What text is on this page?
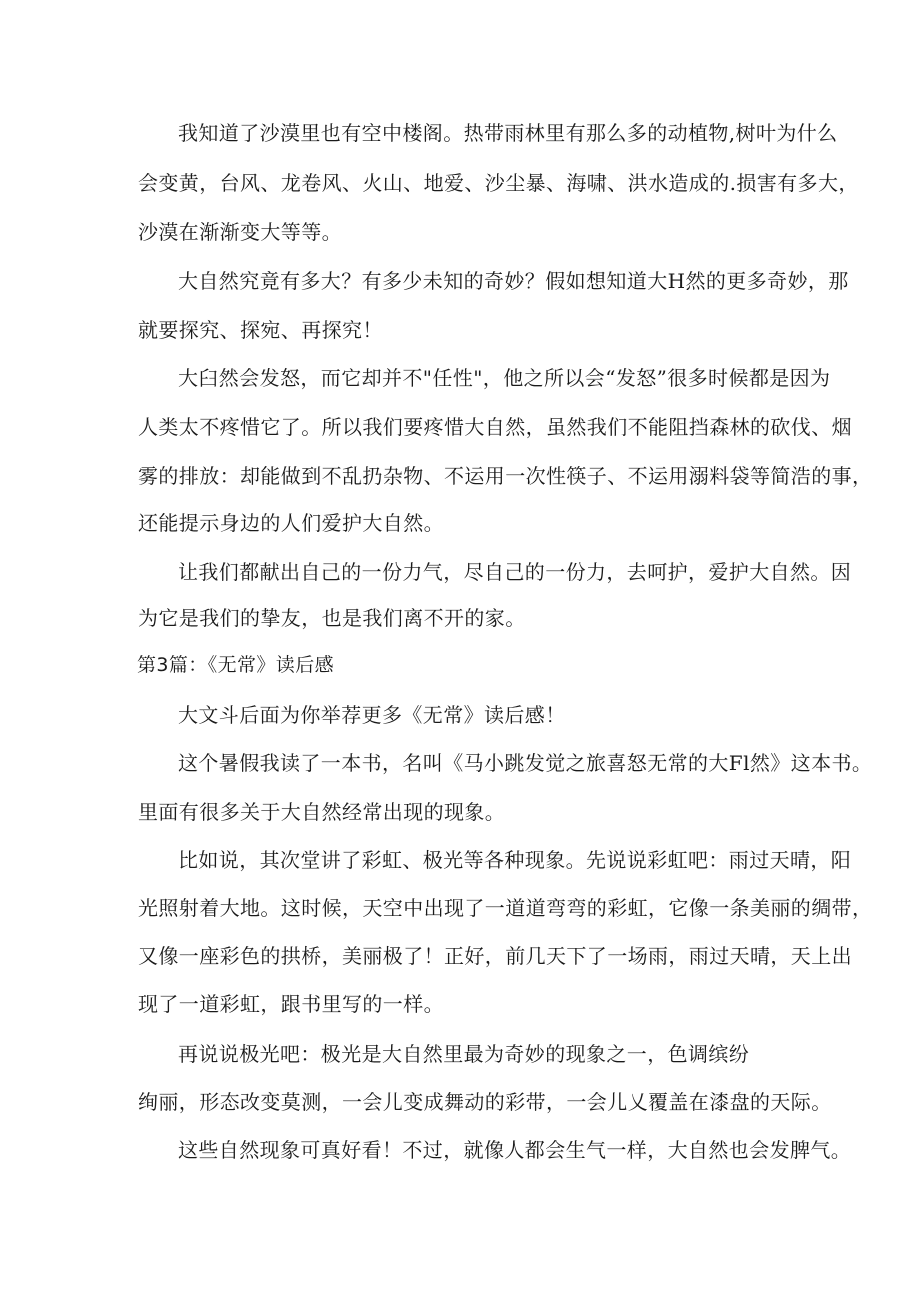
我知道了沙漠里也有空中楼阁。热带雨林里有那么多的动植物,树叶为什么
会变黄，台风、龙卷风、火山、地爱、沙尘暴、海啸、洪水造成的.损害有多大，
沙漠在渐渐变大等等。
大自然究竟有多大？有多少未知的奇妙？假如想知道大H然的更多奇妙，那
就要探究、探宛、再探究！
大臼然会发怒，而它却并不"任性"，他之所以会“发怒”很多时候都是因为
人类太不疼惜它了。所以我们要疼惜大自然，虽然我们不能阻挡森林的砍伐、烟
雾的排放：却能做到不乱扔杂物、不运用一次性筷子、不运用溺料袋等简浩的事，
还能提示身边的人们爱护大自然。
让我们都献出自己的一份力气，尽自己的一份力，去呵护，爱护大自然。因
为它是我们的挚友，也是我们离不开的家。
第3篇：《无常》读后感
大文斗后面为你举荐更多《无常》读后感！
这个暑假我读了一本书，名叫《马小跳发觉之旅喜怒无常的大Fl然》这本书。
里面有很多关于大自然经常出现的现象。
比如说，其次堂讲了彩虹、极光等各种现象。先说说彩虹吧：雨过天晴，阳
光照射着大地。这时候，天空中出现了一道道弯弯的彩虹，它像一条美丽的绸带，
又像一座彩色的拱桥，美丽极了！正好，前几天下了一场雨，雨过天晴，天上出
现了一道彩虹，跟书里写的一样。
再说说极光吧：极光是大自然里最为奇妙的现象之一，色调缤纷
绚丽，形态改变莫测，一会儿变成舞动的彩带，一会儿乂覆盖在漆盘的天际。
这些自然现象可真好看！不过，就像人都会生气一样，大自然也会发脾气。
